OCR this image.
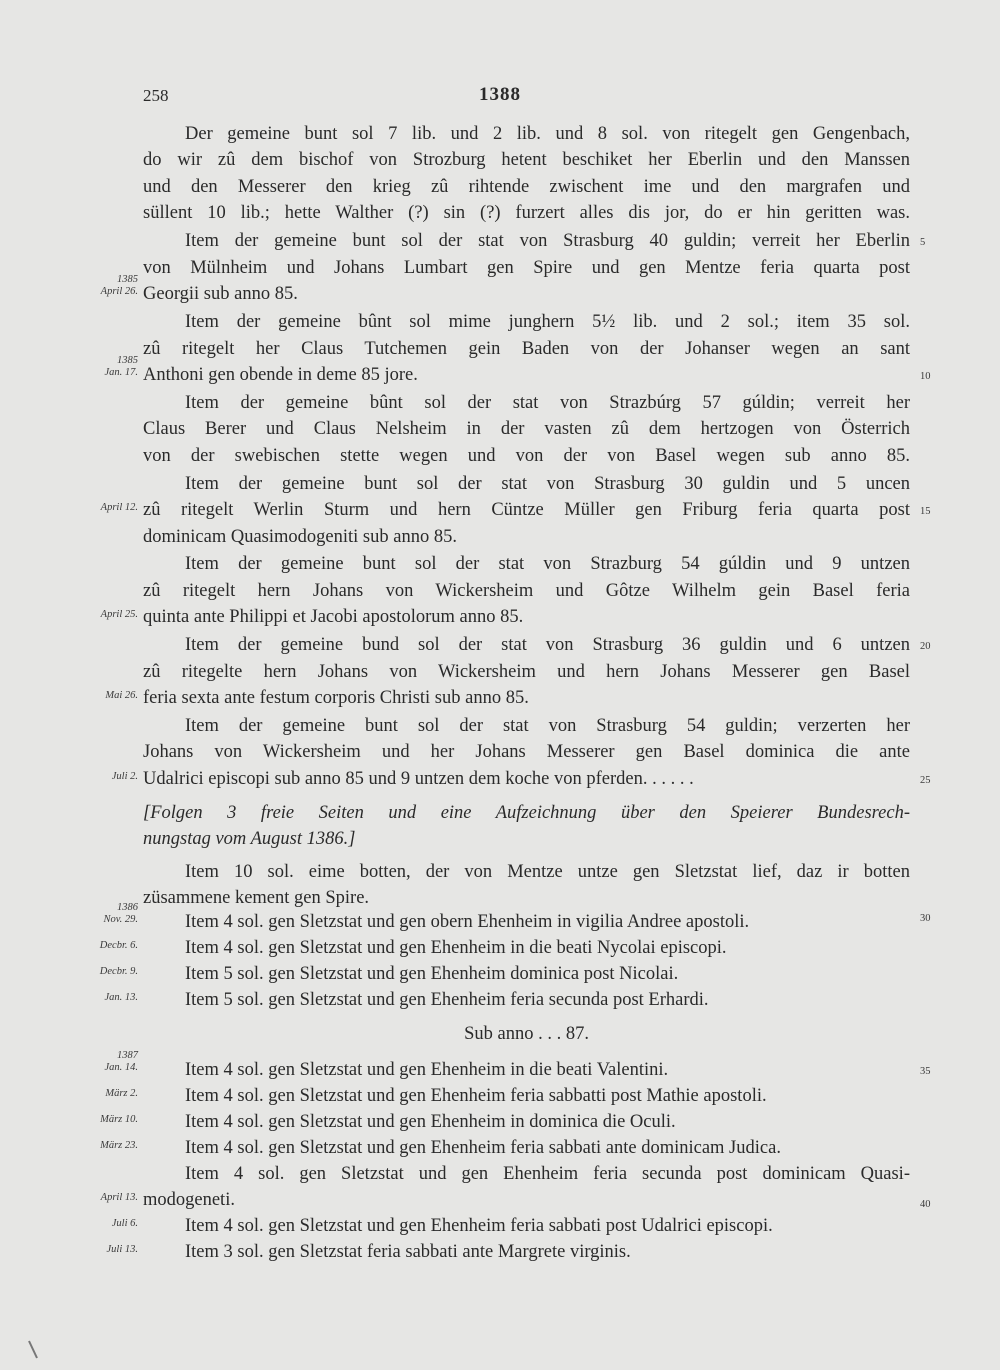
258	1388
Der gemeine bunt sol 7 lib. und 2 lib. und 8 sol. von ritegelt gen Gengenbach,
do wir zû dem bischof von Strozburg hetent beschiket her Eberlin und den Manssen
und den Messerer den krieg zû rihtende zwischent ime und den margrafen und
süllent 10 lib.; hette Walther (?) sin (?) furzert alles dis jor, do er hin geritten was.
Item der gemeine bunt sol der stat von Strasburg 40 guldin; verreit her Eberlin
von Mülnheim und Johans Lumbart gen Spire und gen Mentze feria quarta post
Georgii sub anno 85.
Item der gemeine bûnt sol mime junghern 5½ lib. und 2 sol.; item 35 sol.
zû ritegelt her Claus Tutchemen gein Baden von der Johanser wegen an sant
Anthoni gen obende in deme 85 jore.
Item der gemeine bûnt sol der stat von Strazbúrg 57 gúldin; verreit her
Claus Berer und Claus Nelsheim in der vasten zû dem hertzogen von Österrich
von der swebischen stette wegen und von der von Basel wegen sub anno 85.
Item der gemeine bunt sol der stat von Strasburg 30 guldin und 5 uncen
zû ritegelt Werlin Sturm und hern Cüntze Müller gen Friburg feria quarta post
dominicam Quasimodogeniti sub anno 85.
Item der gemeine bunt sol der stat von Strazburg 54 gúldin und 9 untzen
zû ritegelt hern Johans von Wickersheim und Gôtze Wilhelm gein Basel feria
quinta ante Philippi et Jacobi apostolorum anno 85.
Item der gemeine bund sol der stat von Strasburg 36 guldin und 6 untzen
zû ritegelte hern Johans von Wickersheim und hern Johans Messerer gen Basel
feria sexta ante festum corporis Christi sub anno 85.
Item der gemeine bunt sol der stat von Strasburg 54 guldin; verzerten her
Johans von Wickersheim und her Johans Messerer gen Basel dominica die ante
Udalrici episcopi sub anno 85 und 9 untzen dem koche von pferden. . . . . .
[Folgen 3 freie Seiten und eine Aufzeichnung über den Speierer Bundesrech-
nungstag vom August 1386.]
Item 10 sol. eime botten, der von Mentze untze gen Sletzstat lief, daz ir botten
züsammene kement gen Spire.
Item 4 sol. gen Sletzstat und gen obern Ehenheim in vigilia Andree apostoli.
Item 4 sol. gen Sletzstat und gen Ehenheim in die beati Nycolai episcopi.
Item 5 sol. gen Sletzstat und gen Ehenheim dominica post Nicolai.
Item 5 sol. gen Sletzstat und gen Ehenheim feria secunda post Erhardi.
Sub anno . . . 87.
Item 4 sol. gen Sletzstat und gen Ehenheim in die beati Valentini.
Item 4 sol. gen Sletzstat und gen Ehenheim feria sabbatti post Mathie apostoli.
Item 4 sol. gen Sletzstat und gen Ehenheim in dominica die Oculi.
Item 4 sol. gen Sletzstat und gen Ehenheim feria sabbati ante dominicam Judica.
Item 4 sol. gen Sletzstat und gen Ehenheim feria secunda post dominicam Quasi-
modogeneti.
Item 4 sol. gen Sletzstat und gen Ehenheim feria sabbati post Udalrici episcopi.
Item 3 sol. gen Sletzstat feria sabbati ante Margrete virginis.
1385
April 26.
1385
Jan. 17.
April 12.
April 25.
Mai 26.
Juli 2.
1386
Nov. 29.
Decbr. 6.
Decbr. 9.
Jan. 13.
1387
Jan. 14.
März 2.
März 10.
März 23.
April 13.
Juli 6.
Juli 13.
5
10
15
20
25
30
35
40
